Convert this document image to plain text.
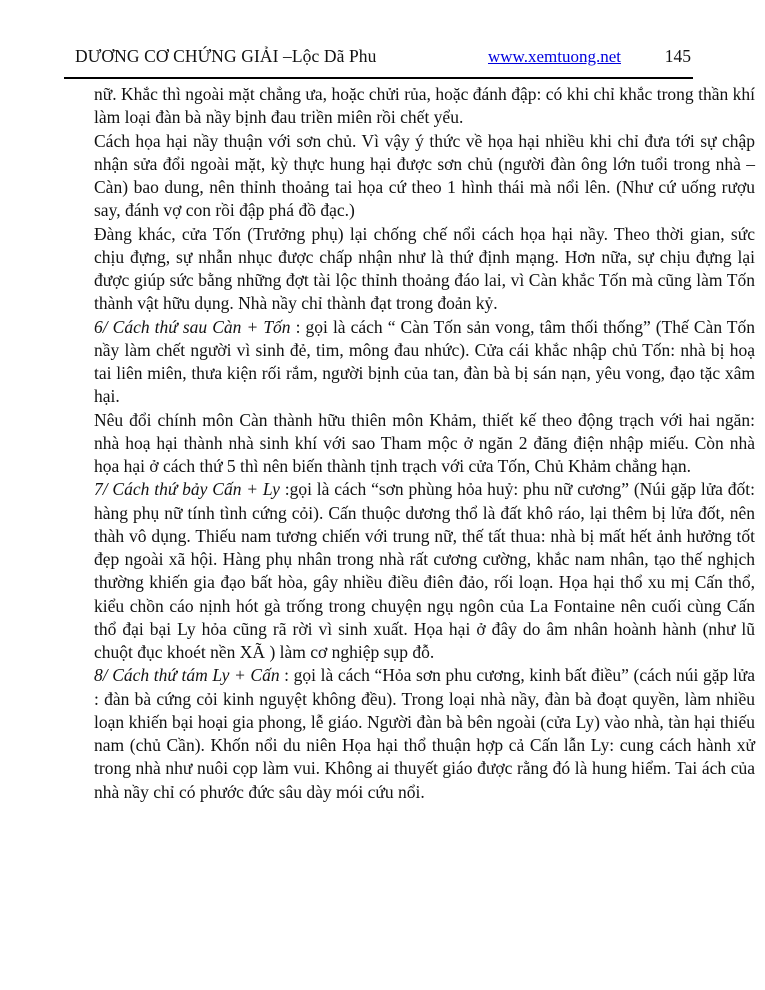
DƯƠNG CƠ CHỨNG GIẢI –Lộc Dã Phu	www.xemtuong.net	145

nữ. Khắc thì ngoài mặt chẳng ưa, hoặc chửi rủa, hoặc đánh đập: có khi chỉ khắc trong thần khí làm loại đàn bà nầy bịnh đau triền miên rồi chết yểu.

Cách họa hại nầy thuận với sơn chủ. Vì vậy ý thức về họa hại nhiều khi chỉ đưa tới sự chập nhận sửa đổi ngoài mặt, kỳ thực hung hại được sơn chủ (người đàn ông lớn tuổi trong nhà – Càn) bao dung, nên thỉnh thoảng tai họa cứ theo 1 hình thái mà nổi lên. (Như cứ uống rượu say, đánh vợ con rồi đập phá đồ đạc.)

Đàng khác, cửa Tốn (Trưởng phụ) lại chống chế nổi cách họa hại nầy. Theo thời gian, sức chịu đựng, sự nhẫn nhục được chấp nhận như là thứ định mạng. Hơn nữa, sự chịu đựng lại được giúp sức bằng những đợt tài lộc thỉnh thoảng đáo lai, vì Càn khắc Tốn mà cũng làm Tốn thành vật hữu dụng. Nhà nầy chỉ thành đạt trong đoản kỷ.

6/ Cách thứ sau Càn + Tốn : gọi là cách “ Càn Tốn sản vong, tâm thối thống” (Thế Càn Tốn nầy làm chết người vì sinh đẻ, tim, mông đau nhức). Cửa cái khắc nhập chủ Tốn: nhà bị hoạ tai liên miên, thưa kiện rối rắm, người bịnh của tan, đàn bà bị sán nạn, yêu vong, đạo tặc xâm hại.

Nêu đổi chính môn Càn thành hữu thiên môn Khảm, thiết kế theo động trạch với hai ngăn: nhà hoạ hại thành nhà sinh khí với sao Tham mộc ở ngăn 2 đăng điện nhập miếu. Còn nhà họa hại ở cách thứ 5 thì nên biến thành tịnh trạch với cửa Tốn, Chủ Khảm chẳng hạn.

7/ Cách thứ bảy Cấn + Ly :gọi là cách “sơn phùng hỏa huỷ: phu nữ cương” (Núi gặp lửa đốt: hàng phụ nữ tính tình cứng cỏi). Cấn thuộc dương thổ là đất khô ráo, lại thêm bị lửa đốt, nên thàh vô dụng. Thiếu nam tương chiến với trung nữ, thế tất thua: nhà bị mất hết ảnh hưởng tốt đẹp ngoài xã hội. Hàng phụ nhân trong nhà rất cương cường, khắc nam nhân, tạo thế nghịch thường khiến gia đạo bất hòa, gây nhiều điều điên đảo, rối loạn. Họa hại thổ xu mị Cấn thổ, kiểu chồn cáo nịnh hót gà trống trong chuyện ngụ ngôn của La Fontaine nên cuối cùng Cấn thổ đại bại Ly hỏa cũng rã rời vì sinh xuất. Họa hại ở đây do âm nhân hoành hành (như lũ chuột đục khoét nền XÃ ) làm cơ nghiệp sụp đỗ.

8/ Cách thứ tám Ly + Cấn : gọi là cách “Hỏa sơn phu cương, kinh bất điều” (cách núi gặp lửa : đàn bà cứng cỏi kinh nguyệt không đều). Trong loại nhà nầy, đàn bà đoạt quyền, làm nhiều loạn khiến bại hoại gia phong, lễ giáo. Người đàn bà bên ngoài (cửa Ly) vào nhà, tàn hại thiếu nam (chủ Cần). Khốn nổi du niên Họa hại thổ thuận hợp cả Cấn lẫn Ly: cung cách hành xử trong nhà như nuôi cọp làm vui. Không ai thuyết giáo được rằng đó là hung hiểm. Tai ách của nhà nầy chỉ có phước đức sâu dày mói cứu nổi.
